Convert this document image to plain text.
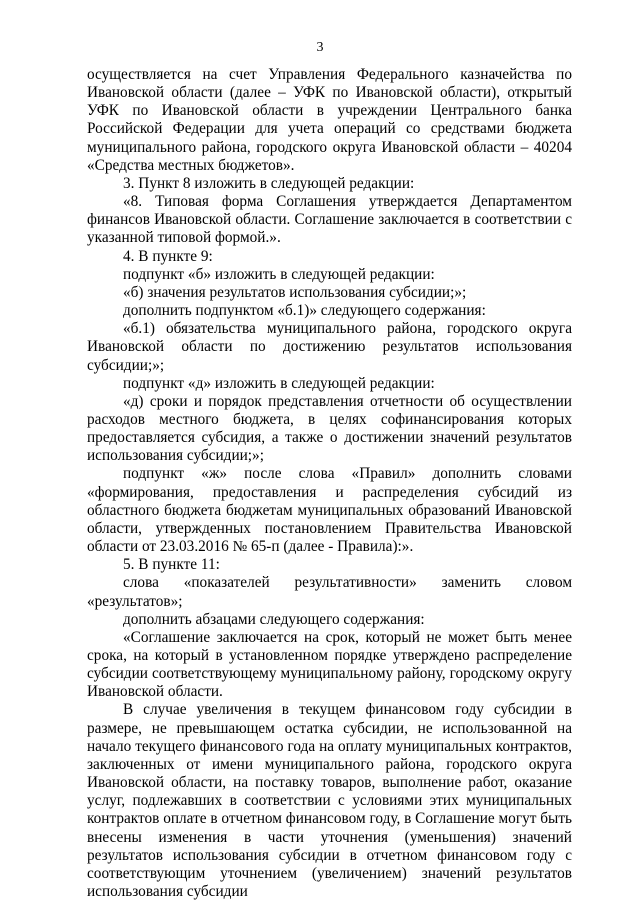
3

осуществляется на счет Управления Федерального казначейства по Ивановской области (далее – УФК по Ивановской области), открытый УФК по Ивановской области в учреждении Центрального банка Российской Федерации для учета операций со средствами бюджета муниципального района, городского округа Ивановской области – 40204 «Средства местных бюджетов».

3. Пункт 8 изложить в следующей редакции:

«8. Типовая форма Соглашения утверждается Департаментом финансов Ивановской области. Соглашение заключается в соответствии с указанной типовой формой.».

4. В пункте 9:

подпункт «б» изложить в следующей редакции:

«б) значения результатов использования субсидии;»;

дополнить подпунктом «б.1)» следующего содержания:

«б.1) обязательства муниципального района, городского округа Ивановской области по достижению результатов использования субсидии;»;

подпункт «д» изложить в следующей редакции:

«д) сроки и порядок представления отчетности об осуществлении расходов местного бюджета, в целях софинансирования которых предоставляется субсидия, а также о достижении значений результатов использования субсидии;»;

подпункт «ж» после слова «Правил» дополнить словами «формирования, предоставления и распределения субсидий из областного бюджета бюджетам муниципальных образований Ивановской области, утвержденных постановлением Правительства Ивановской области от 23.03.2016 № 65-п (далее - Правила):».

5. В пункте 11:

слова «показателей результативности» заменить словом «результатов»;

дополнить абзацами следующего содержания:

«Соглашение заключается на срок, который не может быть менее срока, на который в установленном порядке утверждено распределение субсидии соответствующему муниципальному району, городскому округу Ивановской области.

В случае увеличения в текущем финансовом году субсидии в размере, не превышающем остатка субсидии, не использованной на начало текущего финансового года на оплату муниципальных контрактов, заключенных от имени муниципального района, городского округа Ивановской области, на поставку товаров, выполнение работ, оказание услуг, подлежавших в соответствии с условиями этих муниципальных контрактов оплате в отчетном финансовом году, в Соглашение могут быть внесены изменения в части уточнения (уменьшения) значений результатов использования субсидии в отчетном финансовом году с соответствующим уточнением (увеличением) значений результатов использования субсидии
